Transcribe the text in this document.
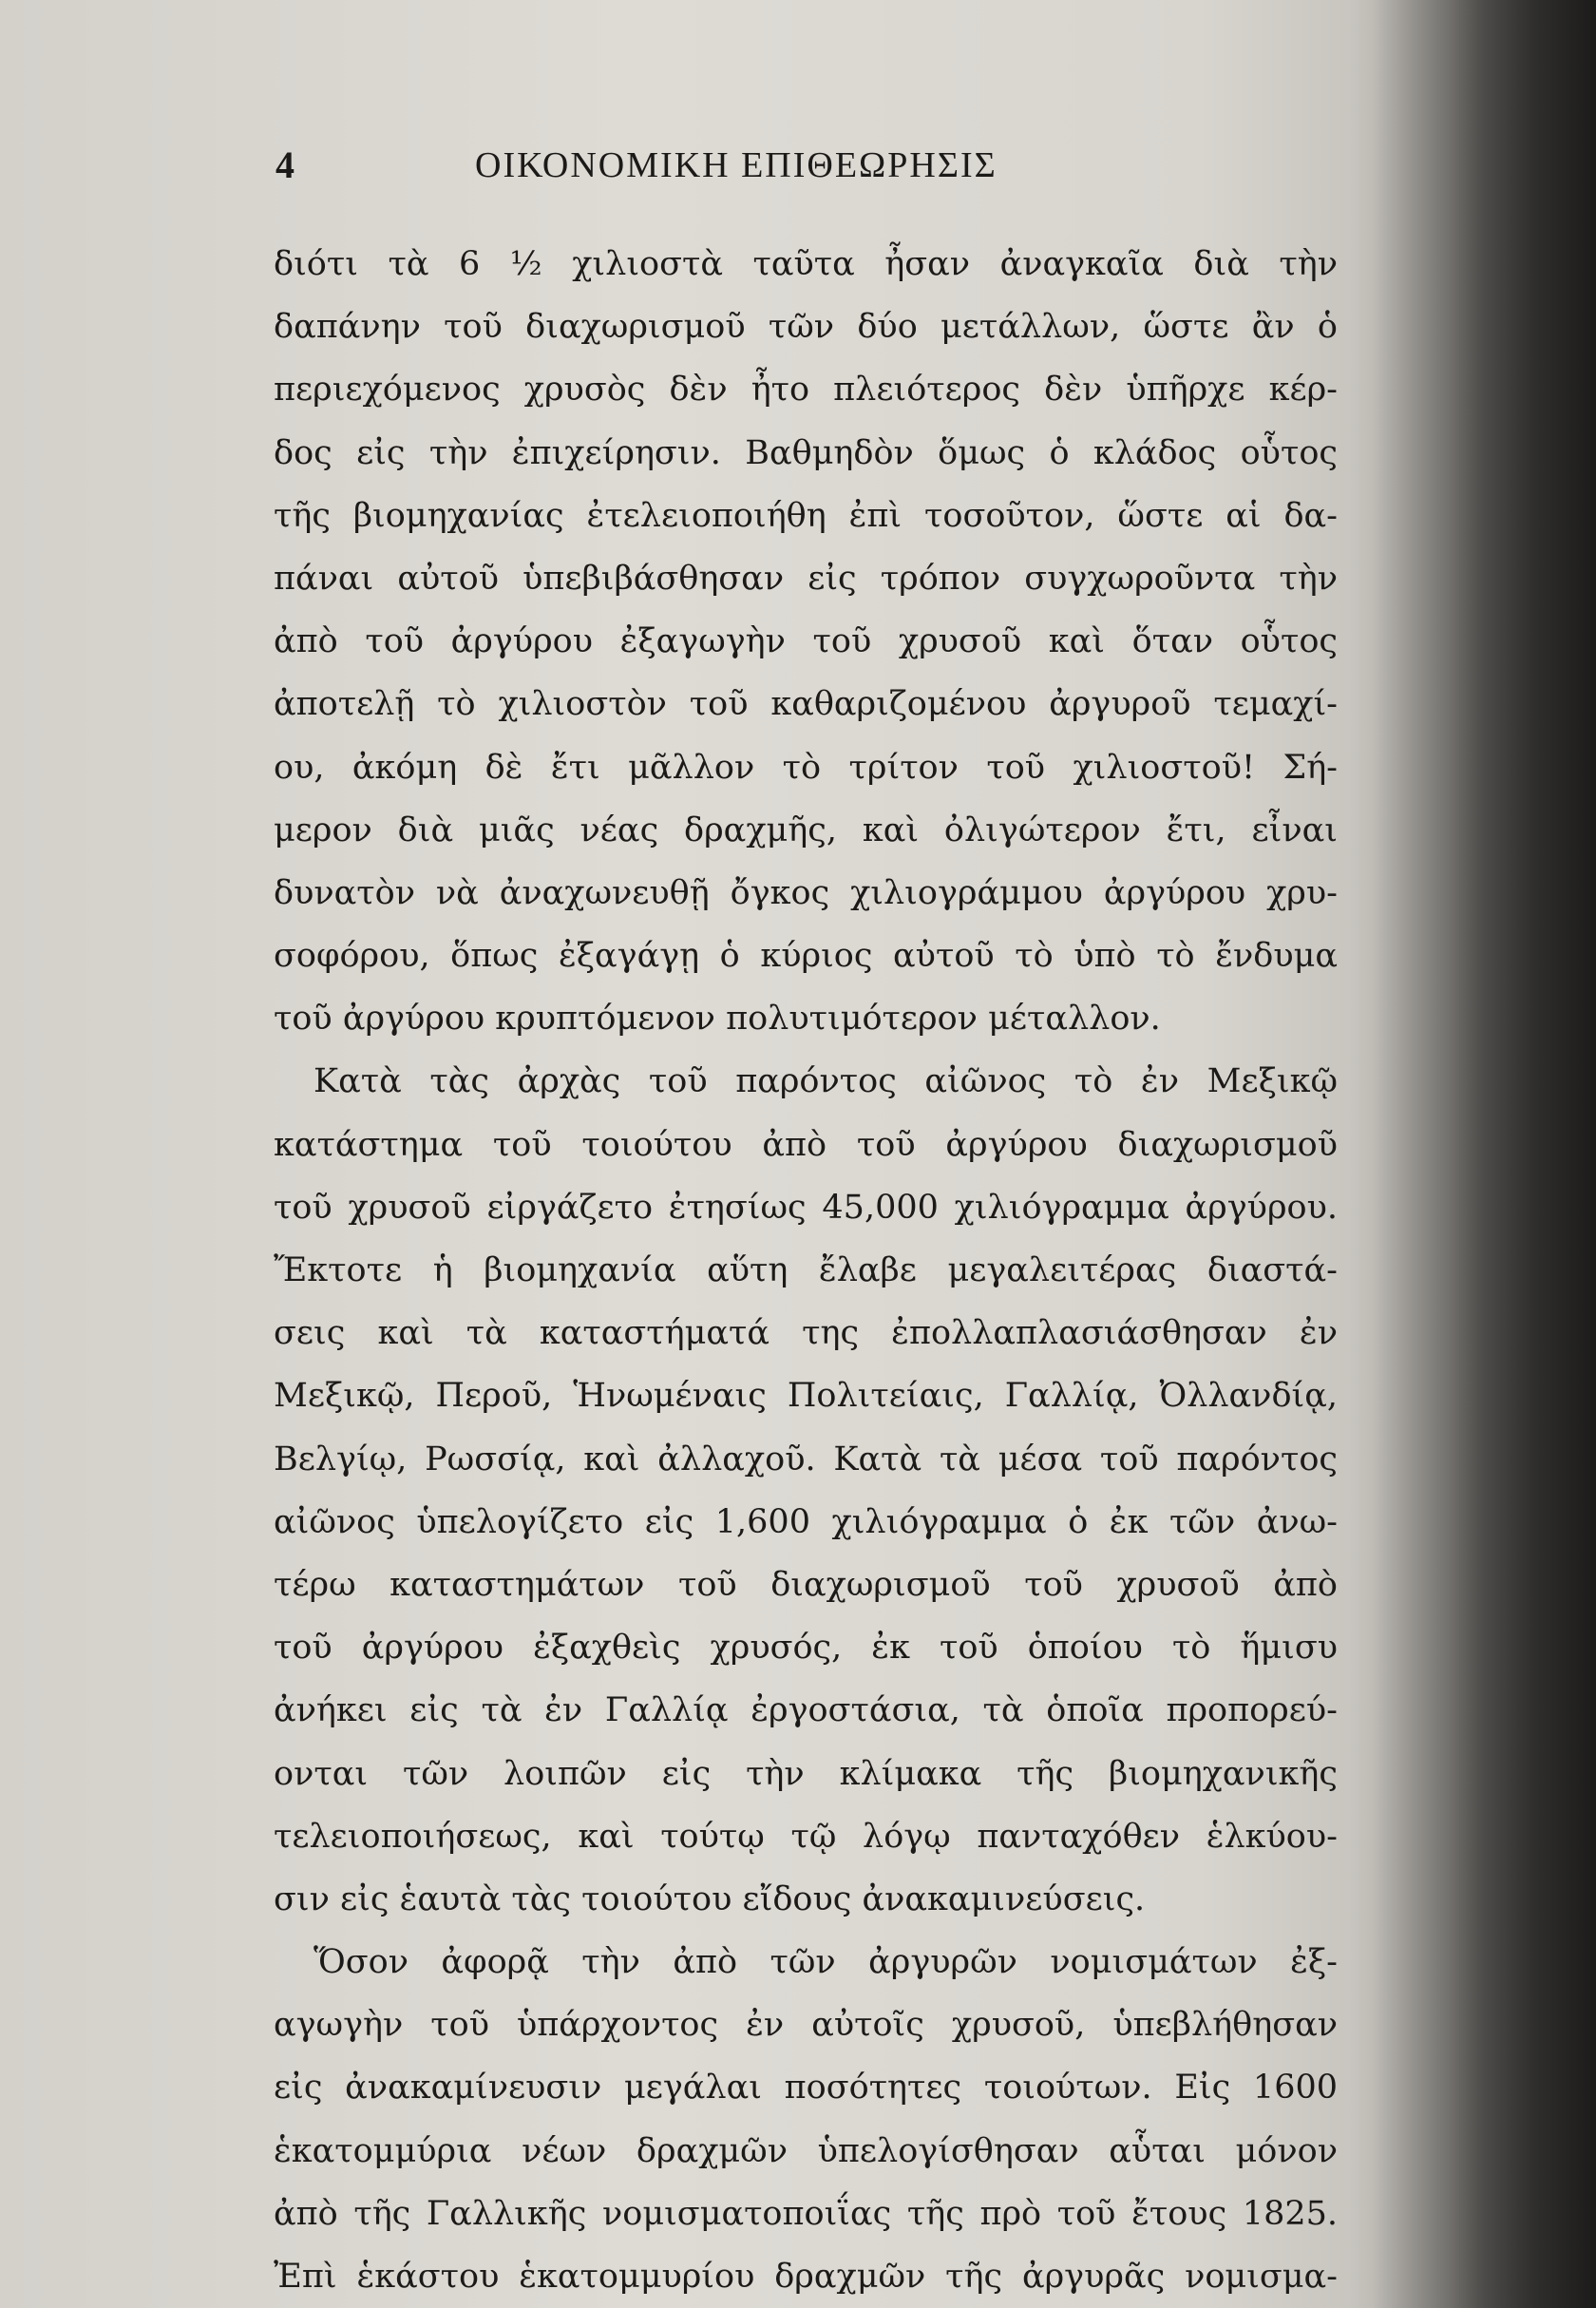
4	ΟΙΚΟΝΟΜΙΚΗ ΕΠΙΘΕΩΡΗΣΙΣ
διότι τὰ 6 ½ χιλιοστὰ ταῦτα ἦσαν ἀναγκαῖα διὰ τὴν
δαπάνην τοῦ διαχωρισμοῦ τῶν δύο μετάλλων, ὥστε ἂν ὁ
περιεχόμενος χρυσὸς δὲν ἦτο πλειότερος δὲν ὑπῆρχε κέρ-
δος εἰς τὴν ἐπιχείρησιν. Βαθμηδὸν ὅμως ὁ κλάδος οὗτος
τῆς βιομηχανίας ἐτελειοποιήθη ἐπὶ τοσοῦτον, ὥστε αἱ δα-
πάναι αὐτοῦ ὑπεβιβάσθησαν εἰς τρόπον συγχωροῦντα τὴν
ἀπὸ τοῦ ἀργύρου ἐξαγωγὴν τοῦ χρυσοῦ καὶ ὅταν οὗτος
ἀποτελῇ τὸ χιλιοστὸν τοῦ καθαριζομένου ἀργυροῦ τεμαχί-
ου, ἀκόμη δὲ ἔτι μᾶλλον τὸ τρίτον τοῦ χιλιοστοῦ! Σή-
μερον διὰ μιᾶς νέας δραχμῆς, καὶ ὀλιγώτερον ἔτι, εἶναι
δυνατὸν νὰ ἀναχωνευθῇ ὄγκος χιλιογράμμου ἀργύρου χρυ-
σοφόρου, ὅπως ἐξαγάγῃ ὁ κύριος αὐτοῦ τὸ ὑπὸ τὸ ἔνδυμα
τοῦ ἀργύρου κρυπτόμενον πολυτιμότερον μέταλλον.
Κατὰ τὰς ἀρχὰς τοῦ παρόντος αἰῶνος τὸ ἐν Μεξικῷ
κατάστημα τοῦ τοιούτου ἀπὸ τοῦ ἀργύρου διαχωρισμοῦ
τοῦ χρυσοῦ εἰργάζετο ἐτησίως 45,000 χιλιόγραμμα ἀργύρου.
Ἔκτοτε ἡ βιομηχανία αὕτη ἔλαβε μεγαλειτέρας διαστά-
σεις καὶ τὰ καταστήματά της ἐπολλαπλασιάσθησαν ἐν
Μεξικῷ, Περοῦ, Ἡνωμέναις Πολιτείαις, Γαλλίᾳ, Ὀλλανδίᾳ,
Βελγίῳ, Ρωσσίᾳ, καὶ ἀλλαχοῦ. Κατὰ τὰ μέσα τοῦ παρόντος
αἰῶνος ὑπελογίζετο εἰς 1,600 χιλιόγραμμα ὁ ἐκ τῶν ἀνω-
τέρω καταστημάτων τοῦ διαχωρισμοῦ τοῦ χρυσοῦ ἀπὸ
τοῦ ἀργύρου ἐξαχθεὶς χρυσός, ἐκ τοῦ ὁποίου τὸ ἥμισυ
ἀνήκει εἰς τὰ ἐν Γαλλίᾳ ἐργοστάσια, τὰ ὁποῖα προπορεύ-
ονται τῶν λοιπῶν εἰς τὴν κλίμακα τῆς βιομηχανικῆς
τελειοποιήσεως, καὶ τούτῳ τῷ λόγῳ πανταχόθεν ἑλκύου-
σιν εἰς ἑαυτὰ τὰς τοιούτου εἴδους ἀνακαμινεύσεις.
Ὅσον ἀφορᾷ τὴν ἀπὸ τῶν ἀργυρῶν νομισμάτων ἐξ-
αγωγὴν τοῦ ὑπάρχοντος ἐν αὐτοῖς χρυσοῦ, ὑπεβλήθησαν
εἰς ἀνακαμίνευσιν μεγάλαι ποσότητες τοιούτων. Εἰς 1600
ἑκατομμύρια νέων δραχμῶν ὑπελογίσθησαν αὗται μόνον
ἀπὸ τῆς Γαλλικῆς νομισματοποιΐας τῆς πρὸ τοῦ ἔτους 1825.
Ἐπὶ ἑκάστου ἑκατομμυρίου δραχμῶν τῆς ἀργυρᾶς νομισμα-
